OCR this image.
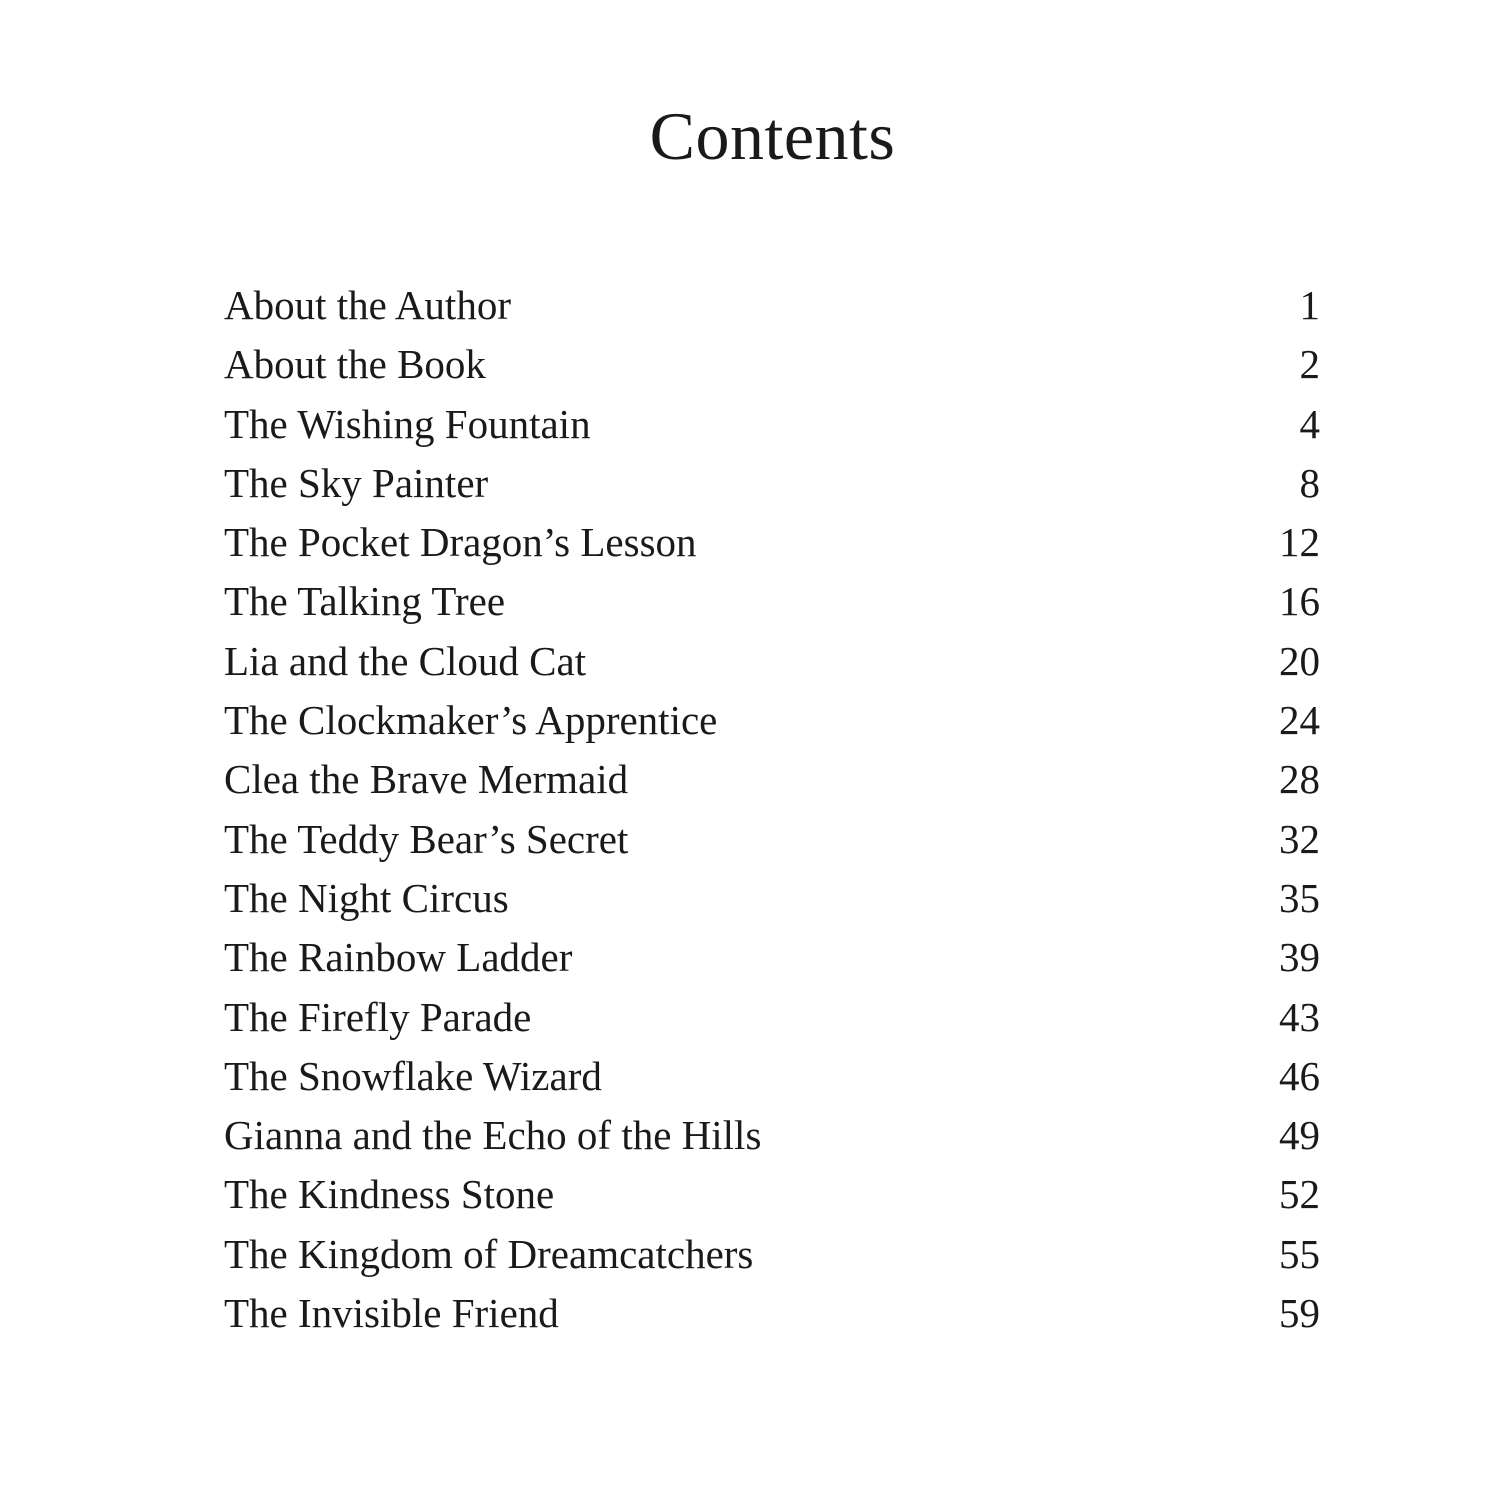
Contents
About the Author	1
About the Book	2
The Wishing Fountain	4
The Sky Painter	8
The Pocket Dragon’s Lesson	12
The Talking Tree	16
Lia and the Cloud Cat	20
The Clockmaker’s Apprentice	24
Clea the Brave Mermaid	28
The Teddy Bear’s Secret	32
The Night Circus	35
The Rainbow Ladder	39
The Firefly Parade	43
The Snowflake Wizard	46
Gianna and the Echo of the Hills	49
The Kindness Stone	52
The Kingdom of Dreamcatchers	55
The Invisible Friend	59
